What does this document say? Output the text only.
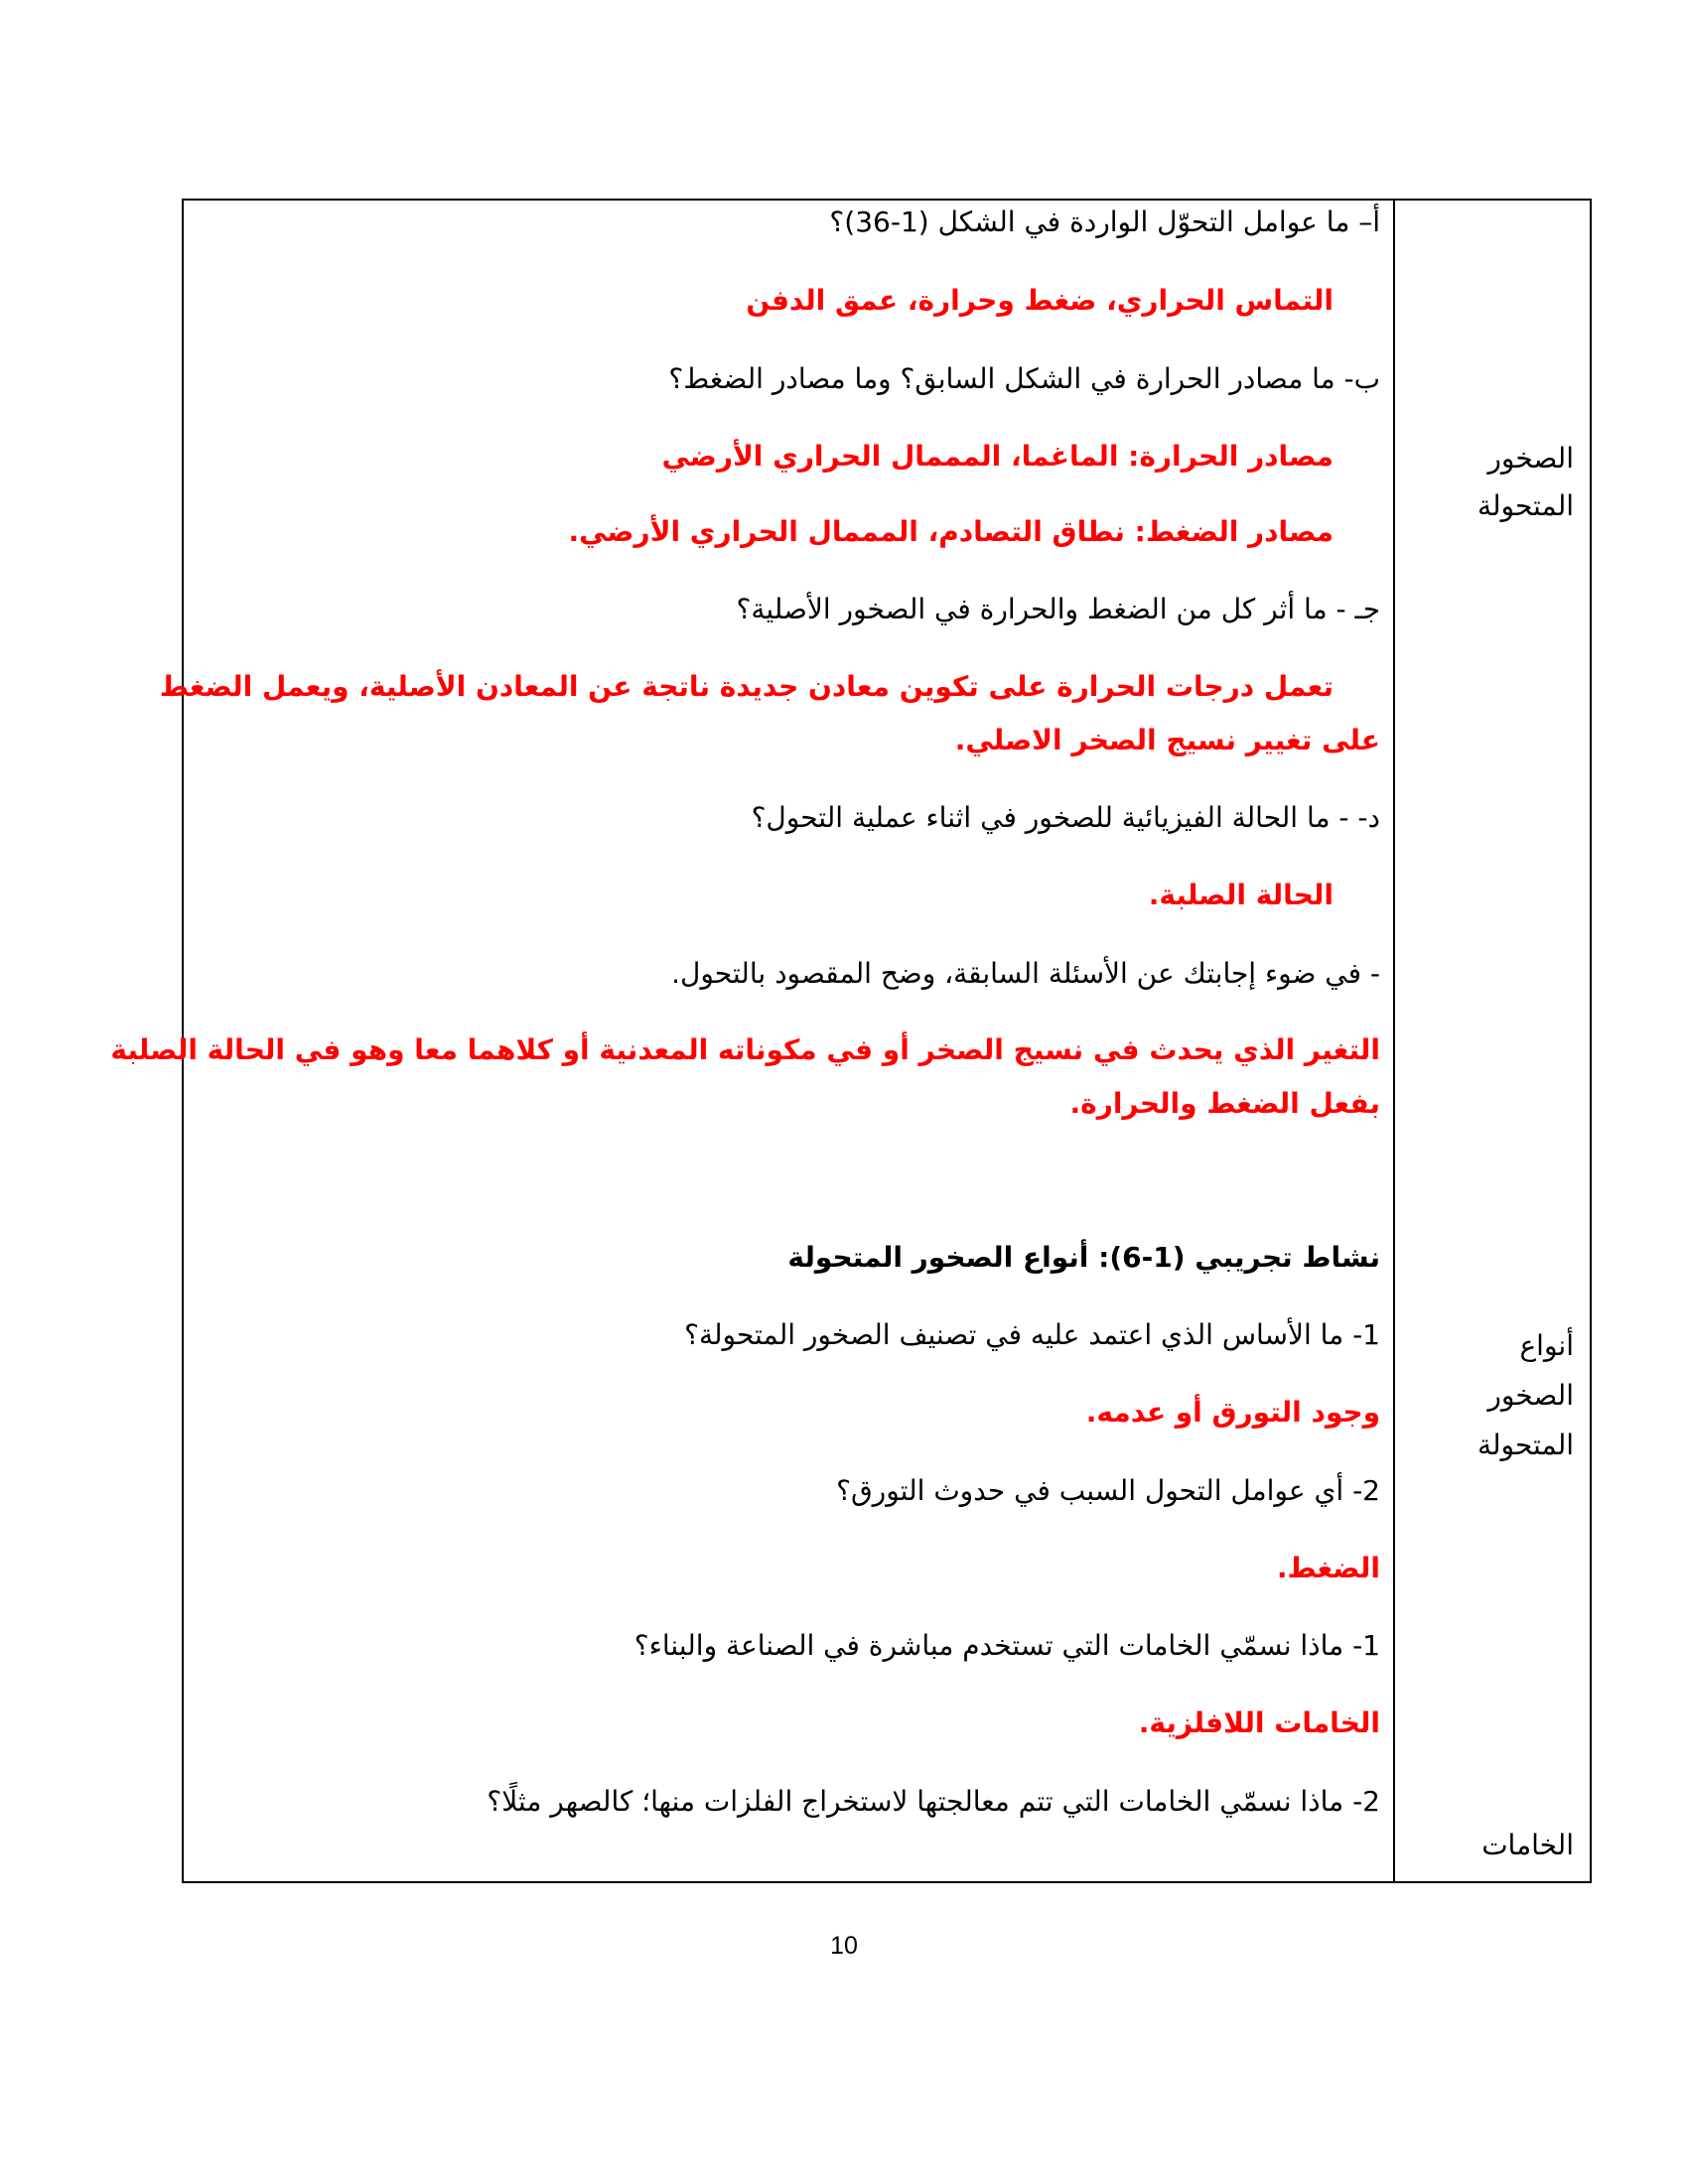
أ– ما عوامل التحوّل الواردة في الشكل (1-36)؟
التماس الحراري، ضغط وحرارة، عمق الدفن
ب- ما مصادر الحرارة في الشكل السابق؟ وما مصادر الضغط؟
مصادر الحرارة: الماغما، المممال الحراري الأرضي
مصادر الضغط: نطاق التصادم، المممال الحراري الأرضي.
جـ - ما أثر كل من الضغط والحرارة في الصخور الأصلية؟
تعمل درجات الحرارة على تكوين معادن جديدة ناتجة عن المعادن الأصلية، ويعمل الضغط
على تغيير نسيج الصخر الاصلي.
د- - ما الحالة الفيزيائية للصخور في اثناء عملية التحول؟
الحالة الصلبة.
- في ضوء إجابتك عن الأسئلة السابقة، وضح المقصود بالتحول.
التغير الذي يحدث في نسيج الصخر أو في مكوناته المعدنية أو كلاهما معا وهو في الحالة الصلبة
بفعل الضغط والحرارة.
نشاط تجريبي (1-6): أنواع الصخور المتحولة
1- ما الأساس الذي اعتمد عليه في تصنيف الصخور المتحولة؟
وجود التورق أو عدمه.
2- أي عوامل التحول السبب في حدوث التورق؟
الضغط.
1- ماذا نسمّي الخامات التي تستخدم مباشرة في الصناعة والبناء؟
الخامات اللافلزية.
2- ماذا نسمّي الخامات التي تتم معالجتها لاستخراج الفلزات منها؛ كالصهر مثلًا؟
الصخور
المتحولة
أنواع
الصخور
المتحولة
الخامات
10
